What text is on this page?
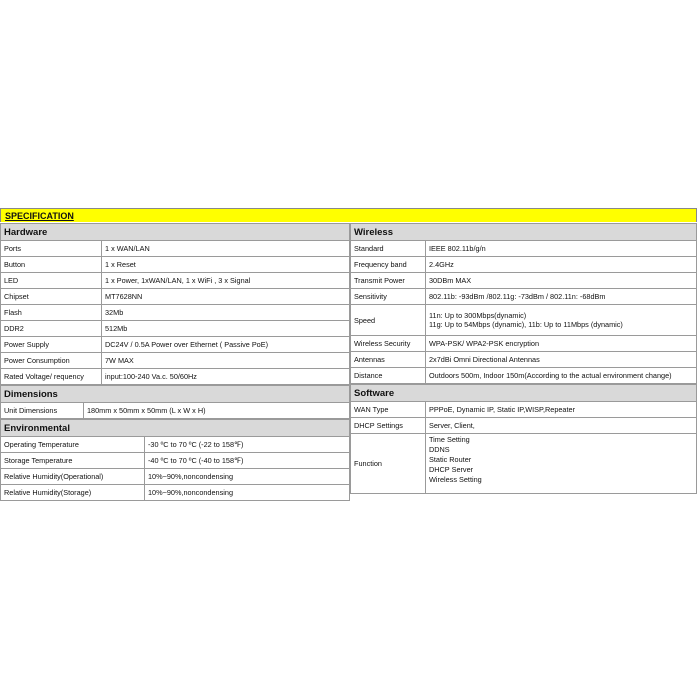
SPECIFICATION
Hardware	
Ports	1 x WAN/LAN
Button	1 x Reset
LED	1 x Power, 1xWAN/LAN, 1 x WiFi , 3 x Signal
Chipset	MT7628NN
Flash	32Mb
DDR2	512Mb
Power Supply	DC24V / 0.5A Power over Ethernet ( Passive PoE)
Power Consumption	7W MAX
Rated Voltage/ requency	input:100-240 Va.c. 50/60Hz
Dimensions
Unit Dimensions	180mm x 50mm x 50mm (L x W x H)
Environmental	
Operating Temperature	-30 ºC to 70 ºC (-22 to 158℉)
Storage Temperature	-40 ºC to 70 ºC (-40 to 158℉)
Relative Humidity(Operational)	10%~90%,noncondensing
Relative Humidity(Storage)	10%~90%,noncondensing
Wireless	
Standard	IEEE 802.11b/g/n
Frequency band	2.4GHz
Transmit Power	30DBm MAX
Sensitivity	802.11b: -93dBm /802.11g: -73dBm / 802.11n: -68dBm
Speed	11n: Up to 300Mbps(dynamic)
11g: Up to 54Mbps (dynamic), 11b: Up to 11Mbps (dynamic)

Wireless Security	WPA-PSK/ WPA2-PSK encryption
Antennas	2x7dBi Omni Directional Antennas
Distance	Outdoors 500m, Indoor 150m(According to the actual environment change)
Software	
WAN Type	PPPoE, Dynamic IP, Static IP,WISP,Repeater
DHCP Settings	Server, Client,
Function	Time Setting
DDNS
Static Router
DHCP Server
Wireless Setting
